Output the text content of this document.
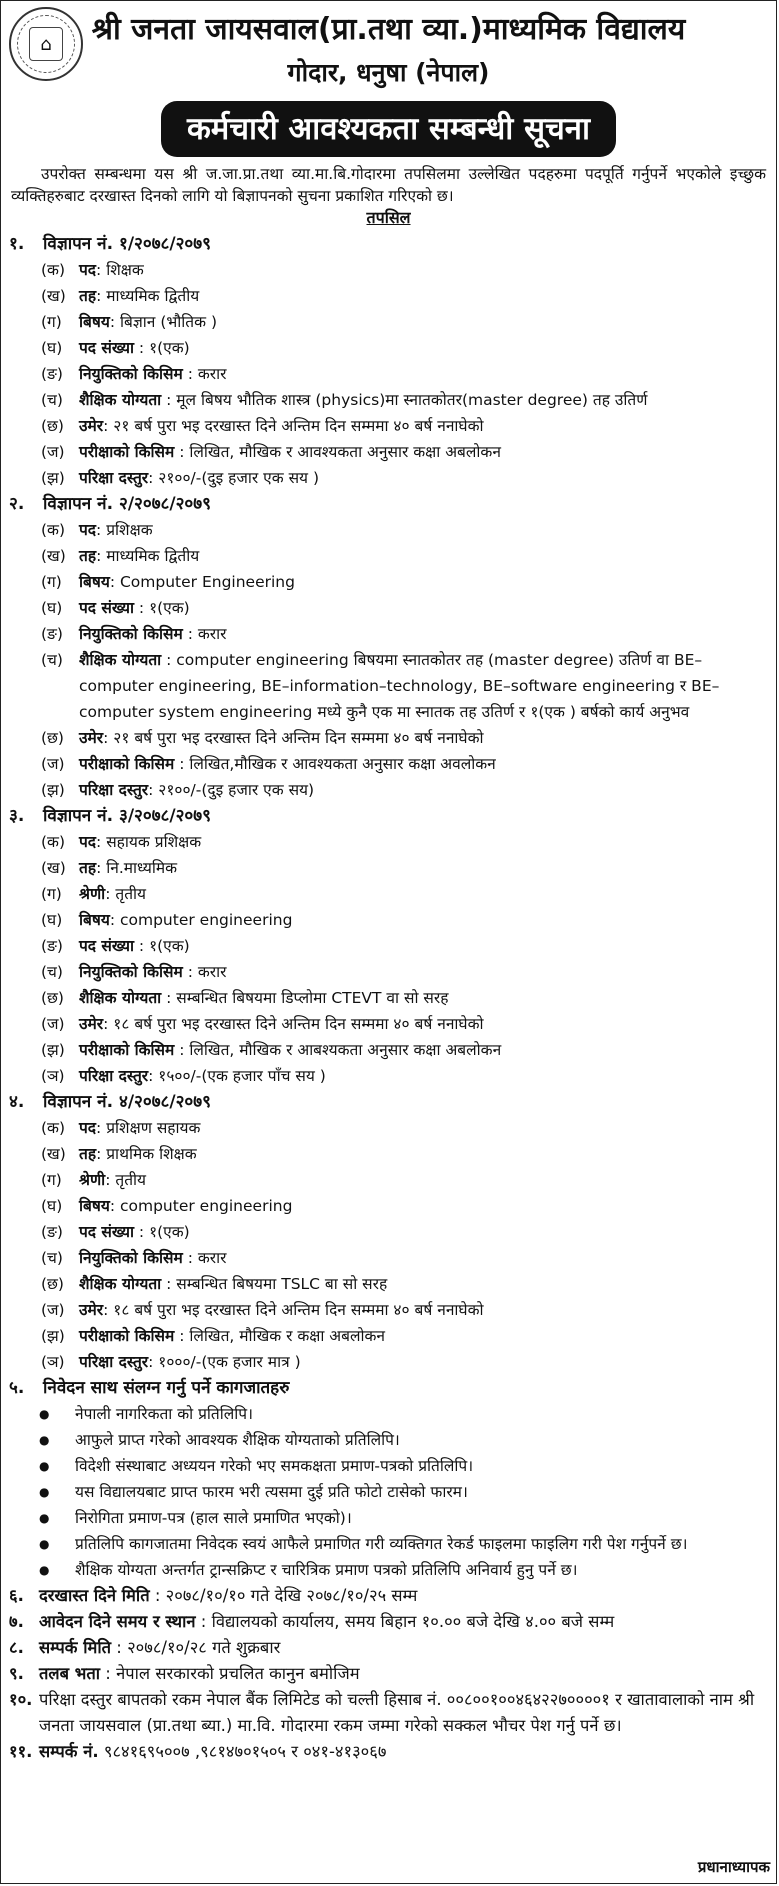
⌂	श्री जनता जायसवाल(प्रा.तथा व्या.)माध्यमिक विद्यालय
गोदार, धनुषा (नेपाल)
कर्मचारी आवश्यकता सम्बन्धी सूचना
उपरोक्त सम्बन्धमा यस श्री ज.जा.प्रा.तथा व्या.मा.बि.गोदारमा तपसिलमा उल्लेखित पदहरुमा पदपूर्ति गर्नुपर्ने भएकोले इच्छुक व्यक्तिहरुबाट दरखास्त दिनको लागि यो बिज्ञापनको सुचना प्रकाशित गरिएको छ।
तपसिल
१.	विज्ञापन नं. १/२०७८/२०७९
(क) पद: शिक्षक
(ख) तह: माध्यमिक द्वितीय
(ग)	बिषय: बिज्ञान (भौतिक )
(घ)	पद संख्या : १(एक)
(ङ)	नियुक्तिको किसिम : करार
(च)	शैक्षिक योग्यता : मूल बिषय भौतिक शास्त्र (physics)मा स्नातकोतर(master degree) तह उतिर्ण
(छ) उमेर: २१ बर्ष पुरा भइ दरखास्त दिने अन्तिम दिन सम्ममा ४० बर्ष ननाघेको
(ज) परीक्षाको किसिम : लिखित, मौखिक र आवश्यकता अनुसार कक्षा अबलोकन
(झ) परिक्षा दस्तुर: २१००/-(दुइ हजार एक सय )
२.	विज्ञापन नं. २/२०७८/२०७९
(क) पद: प्रशिक्षक
(ख) तह: माध्यमिक द्वितीय
(ग)	बिषय: Computer Engineering
(घ)	पद संख्या : १(एक)
(ङ)	नियुक्तिको किसिम : करार
(च)	शैक्षिक योग्यता : computer engineering बिषयमा स्नातकोतर तह (master degree) उतिर्ण वा BE–computer engineering, BE–information–technology, BE–software engineering र BE–computer system engineering मध्ये कुनै एक मा स्नातक तह उतिर्ण र १(एक ) बर्षको कार्य अनुभव
(छ) उमेर: २१ बर्ष पुरा भइ दरखास्त दिने अन्तिम दिन सम्ममा ४० बर्ष ननाघेको
(ज) परीक्षाको किसिम : लिखित,मौखिक र आवश्यकता अनुसार कक्षा अवलोकन
(झ) परिक्षा दस्तुर: २१००/-(दुइ हजार एक सय)
३.	विज्ञापन नं. ३/२०७८/२०७९
(क) पद: सहायक प्रशिक्षक
(ख) तह: नि.माध्यमिक
(ग)	श्रेणी: तृतीय
(घ)	बिषय: computer engineering
(ङ)	पद संख्या : १(एक)
(च)	नियुक्तिको किसिम : करार
(छ) शैक्षिक योग्यता : सम्बन्धित बिषयमा डिप्लोमा CTEVT वा सो सरह
(ज) उमेर: १८ बर्ष पुरा भइ दरखास्त दिने अन्तिम दिन सम्ममा ४० बर्ष ननाघेको
(झ) परीक्षाको किसिम : लिखित, मौखिक र आबश्यकता अनुसार कक्षा अबलोकन
(ञ) परिक्षा दस्तुर: १५००/-(एक हजार पाँच सय )
४.	विज्ञापन नं. ४/२०७८/२०७९
(क) पद: प्रशिक्षण सहायक
(ख) तह: प्राथमिक शिक्षक
(ग)	श्रेणी: तृतीय
(घ)	बिषय: computer engineering
(ङ)	पद संख्या : १(एक)
(च)	नियुक्तिको किसिम : करार
(छ) शैक्षिक योग्यता : सम्बन्धित बिषयमा TSLC बा सो सरह
(ज) उमेर: १८ बर्ष पुरा भइ दरखास्त दिने अन्तिम दिन सम्ममा ४० बर्ष ननाघेको
(झ) परीक्षाको किसिम : लिखित, मौखिक र कक्षा अबलोकन
(ञ) परिक्षा दस्तुर: १०००/-(एक हजार मात्र )
५.	निवेदन साथ संलग्न गर्नु पर्ने कागजातहरु
●	नेपाली नागरिकता को प्रतिलिपि।
●	आफुले प्राप्त गरेको आवश्यक शैक्षिक योग्यताको प्रतिलिपि।
●	विदेशी संस्थाबाट अध्ययन गरेको भए समकक्षता प्रमाण-पत्रको प्रतिलिपि।
●	यस विद्यालयबाट प्राप्त फारम भरी त्यसमा दुई प्रति फोटो टासेको फारम।
●	निरोगिता प्रमाण-पत्र (हाल साले प्रमाणित भएको)।
●	प्रतिलिपि कागजातमा निवेदक स्वयं आफैले प्रमाणित गरी व्यक्तिगत रेकर्ड फाइलमा फाइलिग गरी पेश गर्नुपर्ने छ।
●	शैक्षिक योग्यता अन्तर्गत ट्रान्सक्रिप्ट र चारित्रिक प्रमाण पत्रको प्रतिलिपि अनिवार्य हुनु पर्ने छ।
६. दरखास्त दिने मिति : २०७८/१०/१० गते देखि २०७८/१०/२५ सम्म
७. आवेदन दिने समय र स्थान : विद्यालयको कार्यालय, समय बिहान १०.०० बजे देखि ४.०० बजे सम्म
८. सम्पर्क मिति : २०७८/१०/२८ गते शुक्रबार
९. तलब भता : नेपाल सरकारको प्रचलित कानुन बमोजिम
१०. परिक्षा दस्तुर बापतको रकम नेपाल बैंक लिमिटेड को चल्ती हिसाब नं. ००८००१००४६४२२७००००१ र खातावालाको नाम श्री जनता जायसवाल (प्रा.तथा ब्या.) मा.वि. गोदारमा रकम जम्मा गरेको सक्कल भौचर पेश गर्नु पर्ने छ।
११. सम्पर्क नं. ९८४१६९५००७ ,९८१४७०१५०५ र ०४१-४१३०६७
प्रधानाध्यापक
